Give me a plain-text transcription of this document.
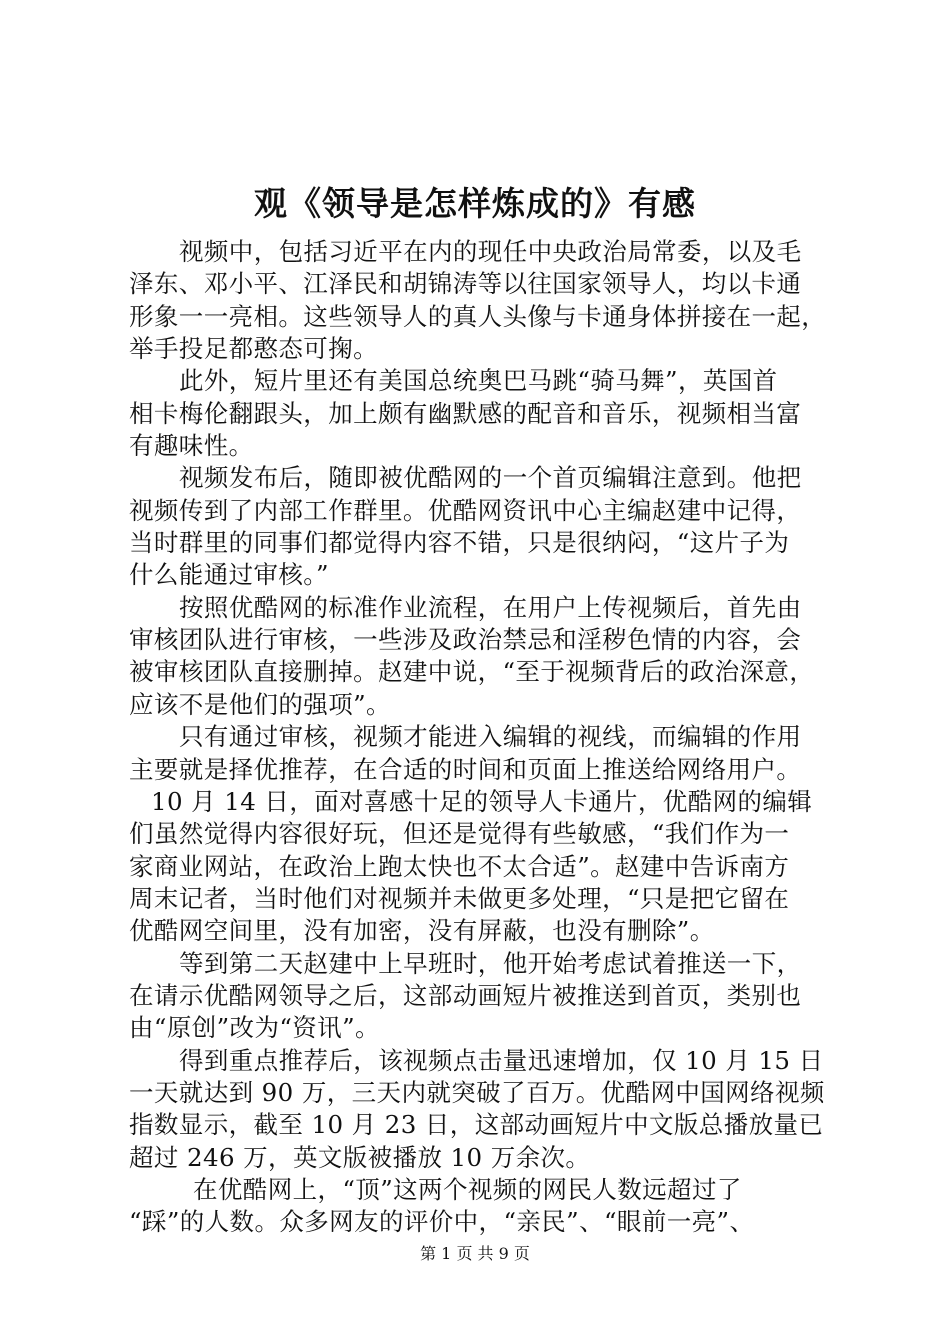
观《领导是怎样炼成的》有感
视频中，包括习近平在内的现任中央政治局常委，以及毛
泽东、邓小平、江泽民和胡锦涛等以往国家领导人，均以卡通
形象一一亮相。这些领导人的真人头像与卡通身体拼接在一起，
举手投足都憨态可掬。
此外，短片里还有美国总统奥巴马跳“骑马舞”，英国首
相卡梅伦翻跟头，加上颇有幽默感的配音和音乐，视频相当富
有趣味性。
视频发布后，随即被优酷网的一个首页编辑注意到。他把
视频传到了内部工作群里。优酷网资讯中心主编赵建中记得，
当时群里的同事们都觉得内容不错，只是很纳闷，“这片子为
什么能通过审核。”
按照优酷网的标准作业流程，在用户上传视频后，首先由
审核团队进行审核，一些涉及政治禁忌和淫秽色情的内容，会
被审核团队直接删掉。赵建中说，“至于视频背后的政治深意，
应该不是他们的强项”。
只有通过审核，视频才能进入编辑的视线，而编辑的作用
主要就是择优推荐，在合适的时间和页面上推送给网络用户。
10 月 14 日，面对喜感十足的领导人卡通片，优酷网的编辑
们虽然觉得内容很好玩，但还是觉得有些敏感，“我们作为一
家商业网站，在政治上跑太快也不太合适”。赵建中告诉南方
周末记者，当时他们对视频并未做更多处理，“只是把它留在
优酷网空间里，没有加密，没有屏蔽，也没有删除”。
等到第二天赵建中上早班时，他开始考虑试着推送一下，
在请示优酷网领导之后，这部动画短片被推送到首页，类别也
由“原创”改为“资讯”。
得到重点推荐后，该视频点击量迅速增加，仅 10 月 15 日
一天就达到 90 万，三天内就突破了百万。优酷网中国网络视频
指数显示，截至 10 月 23 日，这部动画短片中文版总播放量已
超过 246 万，英文版被播放 10 万余次。
在优酷网上，“顶”这两个视频的网民人数远超过了
“踩”的人数。众多网友的评价中，“亲民”、“眼前一亮”、
第 1 页 共 9 页
